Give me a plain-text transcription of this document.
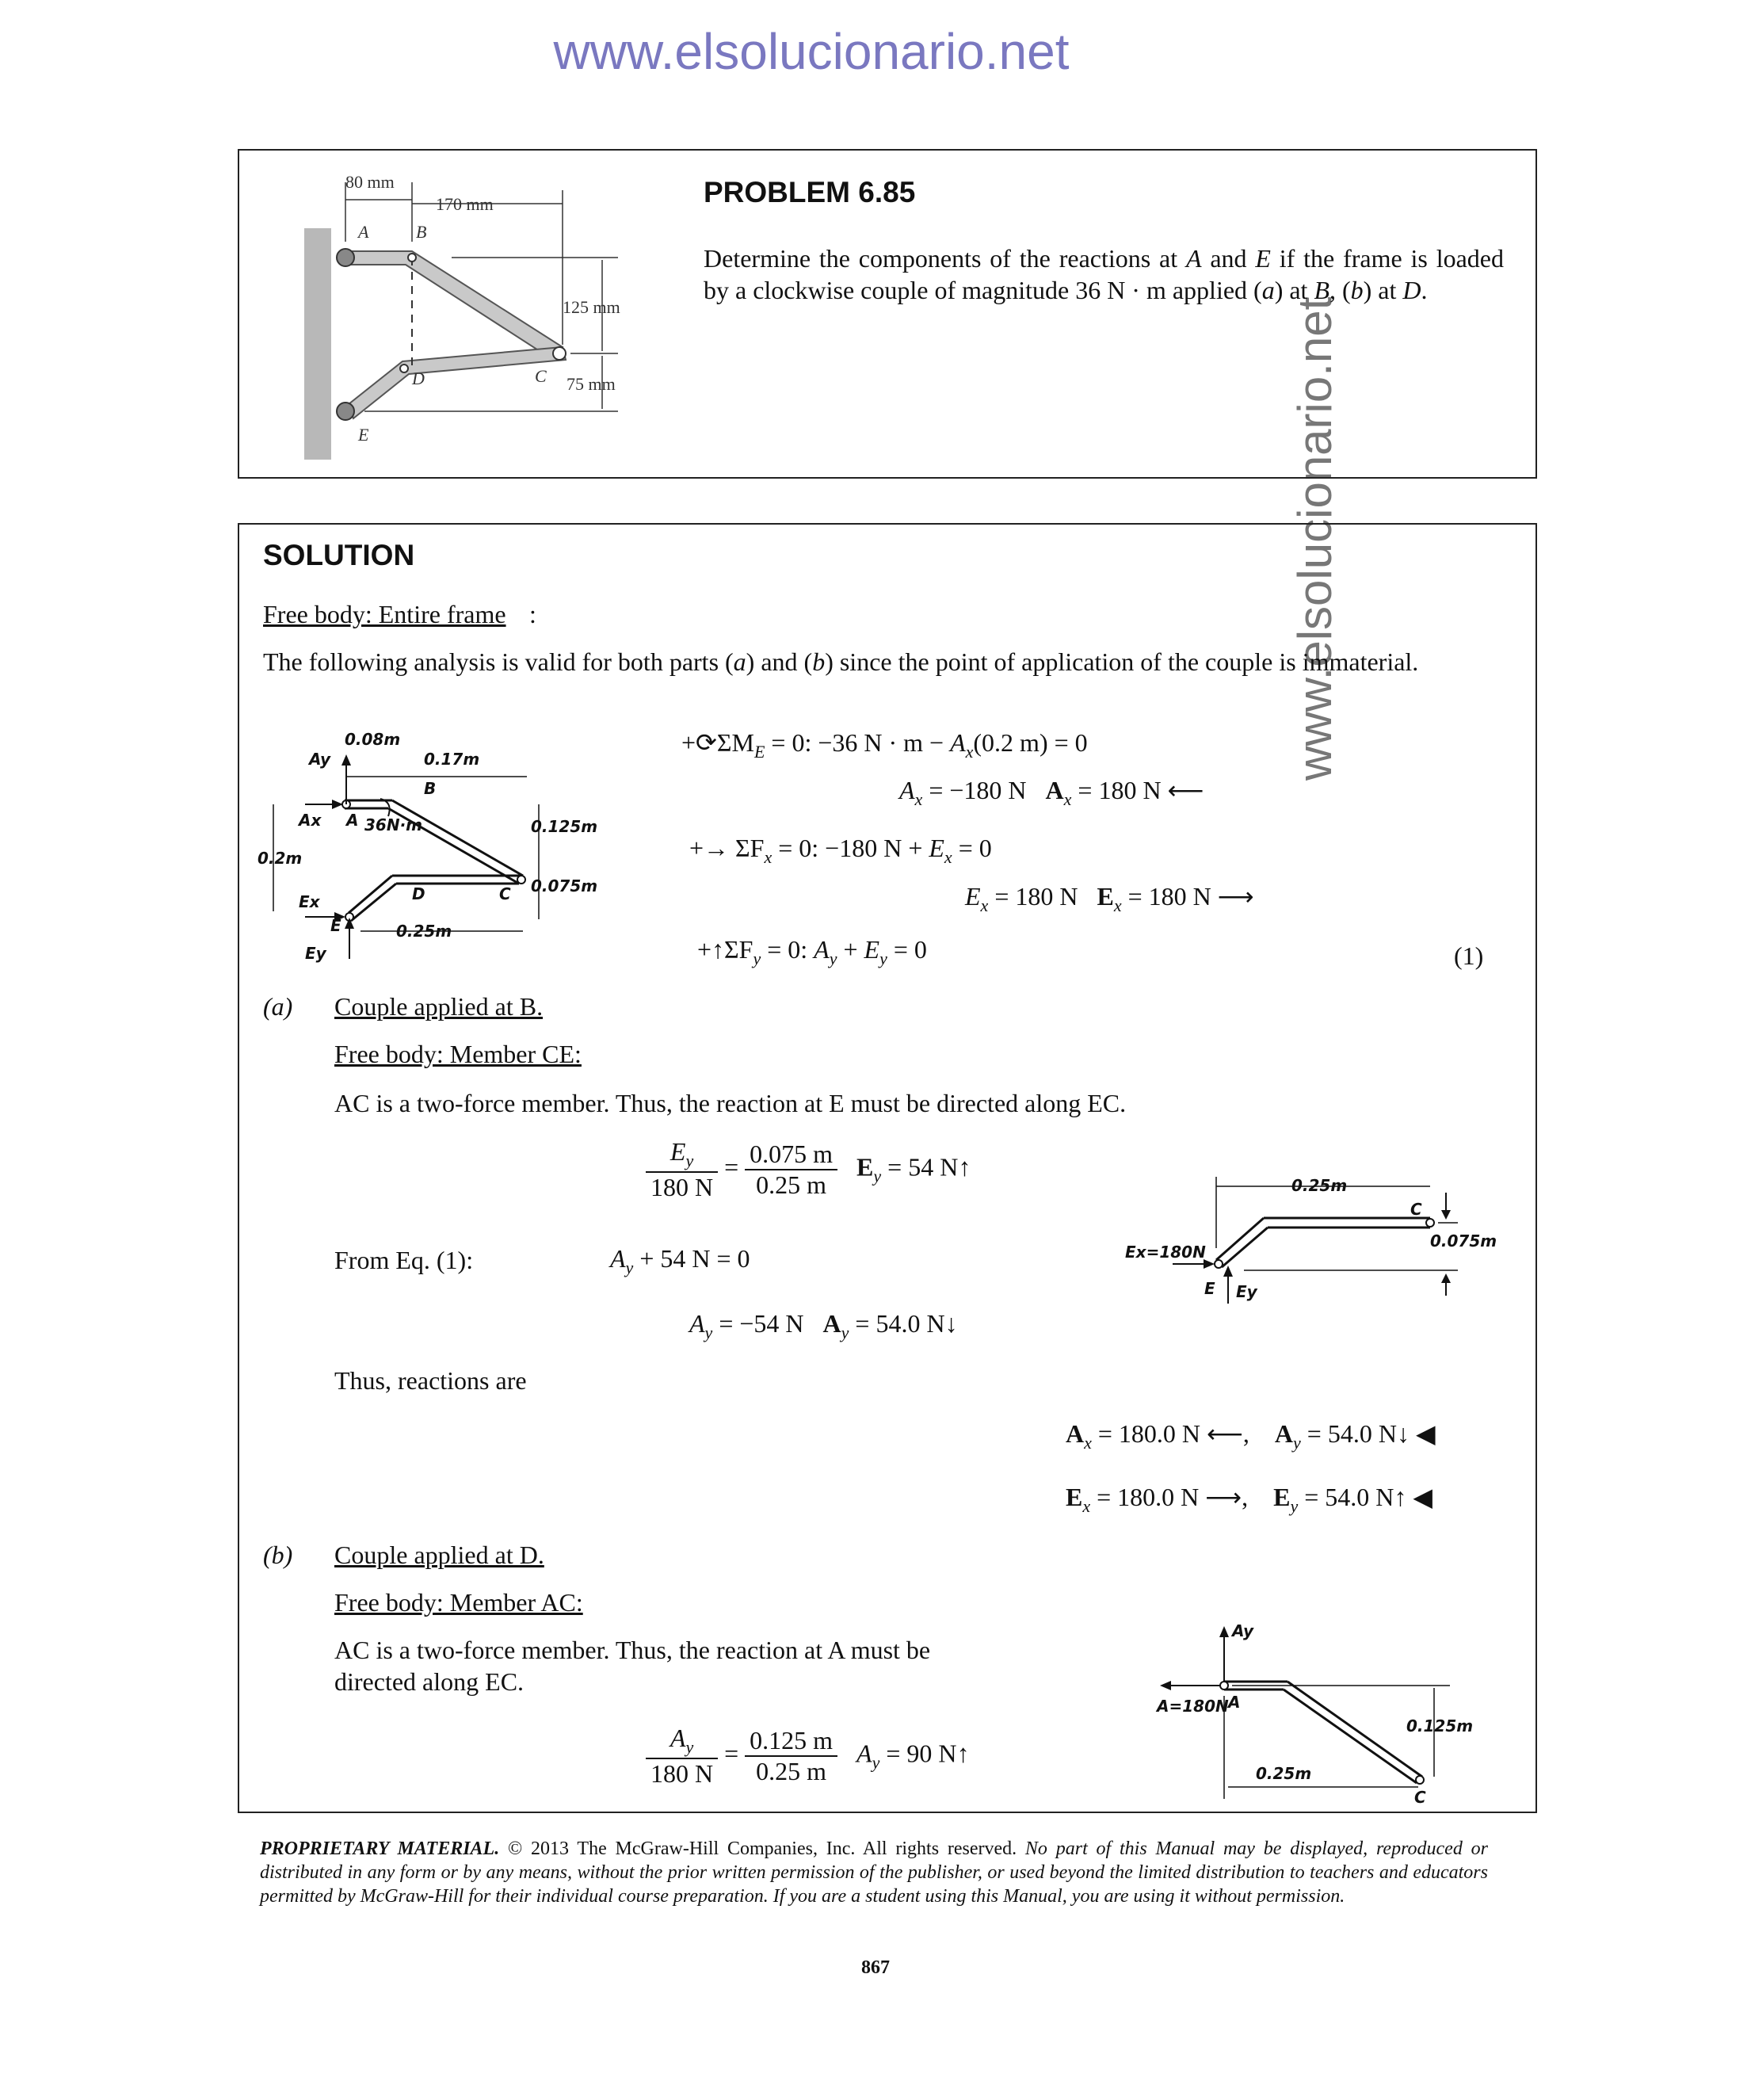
www.elsolucionario.net
www.elsolucionario.net
80 mm
170 mm
125 mm
75 mm
A	B
C
D
E
PROBLEM 6.85
Determine the components of the reactions at A and E if the frame is loaded by a clockwise couple of magnitude 36 N · m applied (a) at B, (b) at D.
SOLUTION
Free body: Entire frame :
The following analysis is valid for both parts (a) and (b) since the point of application of the couple is immaterial.
0.08m
0.17m
0.125m
0.075m
0.2m
0.25m
36N·m
Ay
Ax
Ex
Ey
A
B
C
D
E
$+⟳\Sigma M_E = 0$: −36 $N \cdot m - A_x(0.2$ m) = 0
$A_x = -180$ N $A_x = 180$ N ⟵
+→ $\Sigma F_x = 0$: −180 $N + E_x = 0$
$E_x = 180$ N $E_x = 180$ N ⟶
$+↑\Sigma F_y = 0$: $A_y + E_y = 0$	(1)
(a) Couple applied at B.
Free body: Member CE:
AC is a two-force member. Thus, the reaction at E must be directed along EC.
$\frac{E_y}{180 N} = \frac{0.075 m}{0.25 m} E_y = 54$ N↑
From Eq. (1):	$A_y + 54$ N = 0
$A_y = -54$ N $A_y = 54.0$ N↓
Thus, reactions are
$A_x = 180.0$ N ⟵,    $A_y = 54.0$ N↓ ◀
$E_x = 180.0$ N ⟶,    $E_y = 54.0$ N↑ ◀
0.25m
0.075m
Ex=180N
E Ey
C
(b) Couple applied at D.
Free body: Member AC:
AC is a two-force member. Thus, the reaction at A must be directed along EC.
$\frac{A_y}{180 N} = \frac{0.125 m}{0.25 m} A_y = 90$ N↑
Ay
A=180N A
0.125m
0.25m
C
PROPRIETARY MATERIAL. © 2013 The McGraw-Hill Companies, Inc. All rights reserved. No part of this Manual may be displayed, reproduced or distributed in any form or by any means, without the prior written permission of the publisher, or used beyond the limited distribution to teachers and educators permitted by McGraw-Hill for their individual course preparation. If you are a student using this Manual, you are using it without permission.
867
